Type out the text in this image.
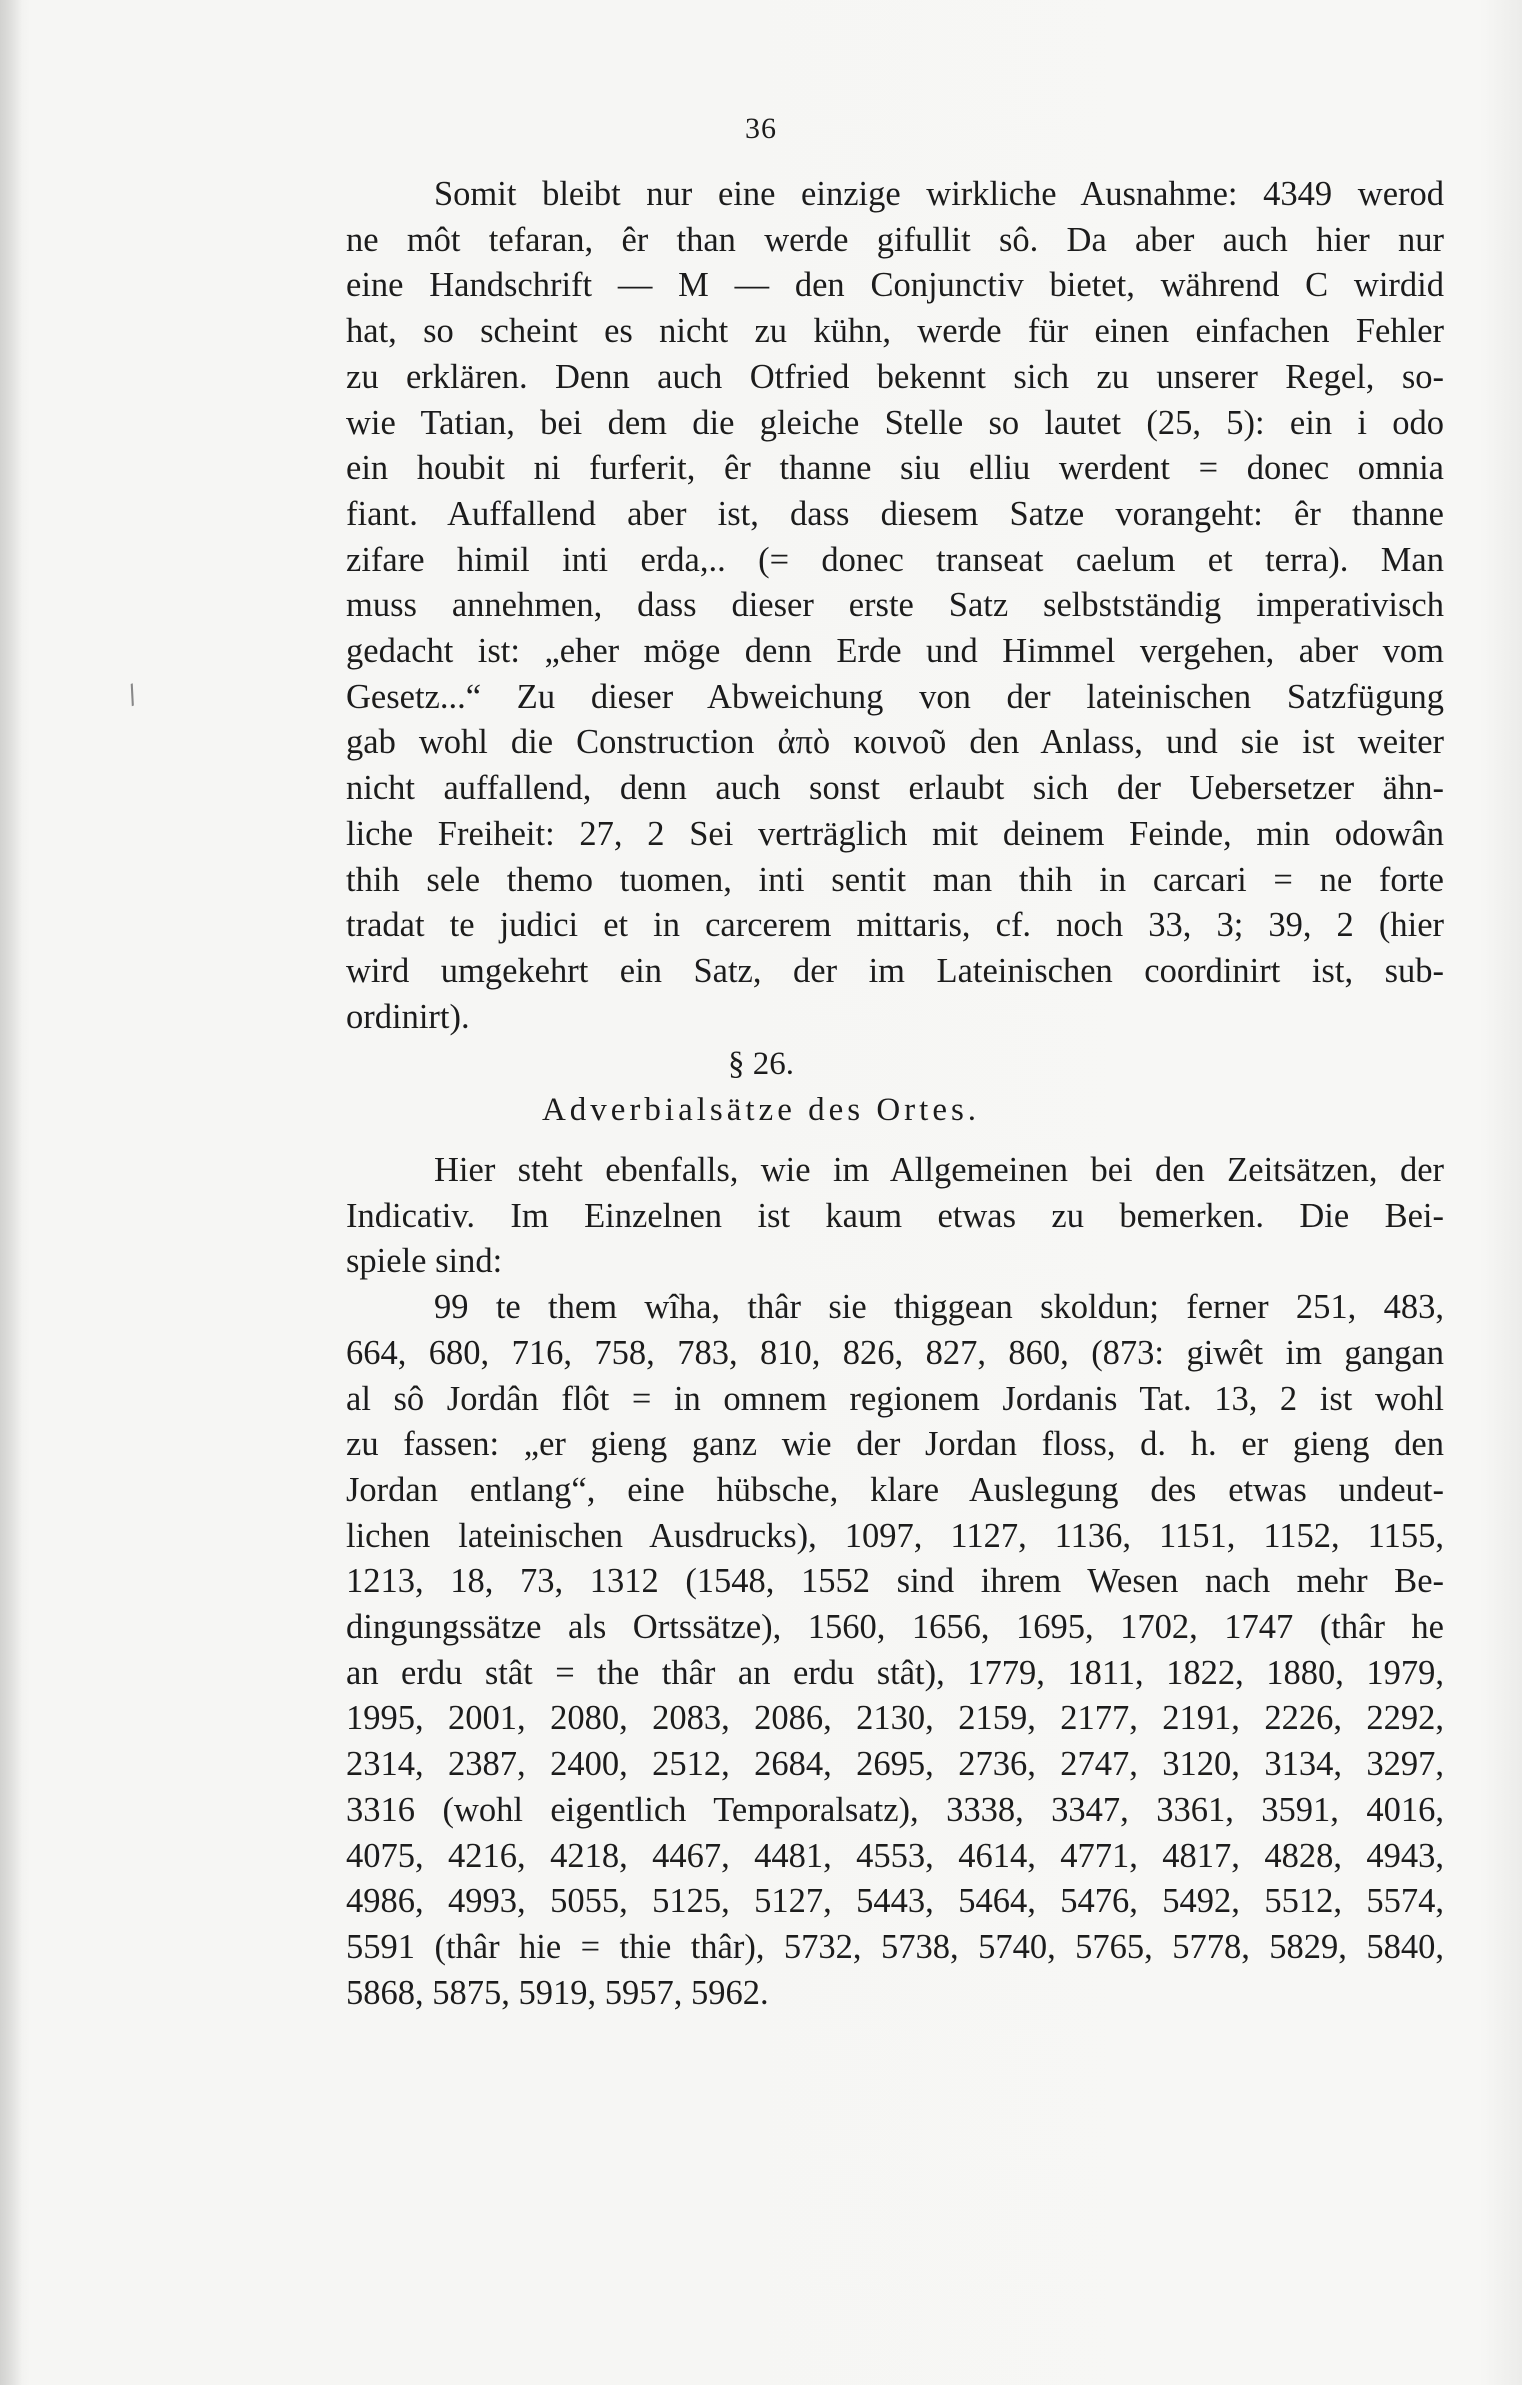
36
/
Somit bleibt nur eine einzige wirkliche Ausnahme: 4349 werod
ne môt tefaran, êr than werde gifullit sô. Da aber auch hier nur
eine Handschrift — M — den Conjunctiv bietet, während C wirdid
hat, so scheint es nicht zu kühn, werde für einen einfachen Fehler
zu erklären. Denn auch Otfried bekennt sich zu unserer Regel, so-
wie Tatian, bei dem die gleiche Stelle so lautet (25, 5): ein i odo
ein houbit ni furferit, êr thanne siu elliu werdent = donec omnia
fiant. Auffallend aber ist, dass diesem Satze vorangeht: êr thanne
zifare himil inti erda,.. (= donec transeat caelum et terra). Man
muss annehmen, dass dieser erste Satz selbstständig imperativisch
gedacht ist: „eher möge denn Erde und Himmel vergehen, aber vom
Gesetz...“ Zu dieser Abweichung von der lateinischen Satzfügung
gab wohl die Construction ἀπὸ κοινοῦ den Anlass, und sie ist weiter
nicht auffallend, denn auch sonst erlaubt sich der Uebersetzer ähn-
liche Freiheit: 27, 2 Sei verträglich mit deinem Feinde, min odowân
thih sele themo tuomen, inti sentit man thih in carcari = ne forte
tradat te judici et in carcerem mittaris, cf. noch 33, 3; 39, 2 (hier
wird umgekehrt ein Satz, der im Lateinischen coordinirt ist, sub-
ordinirt).
§ 26.
Adverbialsätze des Ortes.
Hier steht ebenfalls, wie im Allgemeinen bei den Zeitsätzen, der
Indicativ. Im Einzelnen ist kaum etwas zu bemerken. Die Bei-
spiele sind:
99 te them wîha, thâr sie thiggean skoldun; ferner 251, 483,
664, 680, 716, 758, 783, 810, 826, 827, 860, (873: giwêt im gangan
al sô Jordân flôt = in omnem regionem Jordanis Tat. 13, 2 ist wohl
zu fassen: „er gieng ganz wie der Jordan floss, d. h. er gieng den
Jordan entlang“, eine hübsche, klare Auslegung des etwas undeut-
lichen lateinischen Ausdrucks), 1097, 1127, 1136, 1151, 1152, 1155,
1213, 18, 73, 1312 (1548, 1552 sind ihrem Wesen nach mehr Be-
dingungssätze als Ortssätze), 1560, 1656, 1695, 1702, 1747 (thâr he
an erdu stât = the thâr an erdu stât), 1779, 1811, 1822, 1880, 1979,
1995, 2001, 2080, 2083, 2086, 2130, 2159, 2177, 2191, 2226, 2292,
2314, 2387, 2400, 2512, 2684, 2695, 2736, 2747, 3120, 3134, 3297,
3316 (wohl eigentlich Temporalsatz), 3338, 3347, 3361, 3591, 4016,
4075, 4216, 4218, 4467, 4481, 4553, 4614, 4771, 4817, 4828, 4943,
4986, 4993, 5055, 5125, 5127, 5443, 5464, 5476, 5492, 5512, 5574,
5591 (thâr hie = thie thâr), 5732, 5738, 5740, 5765, 5778, 5829, 5840,
5868, 5875, 5919, 5957, 5962.
